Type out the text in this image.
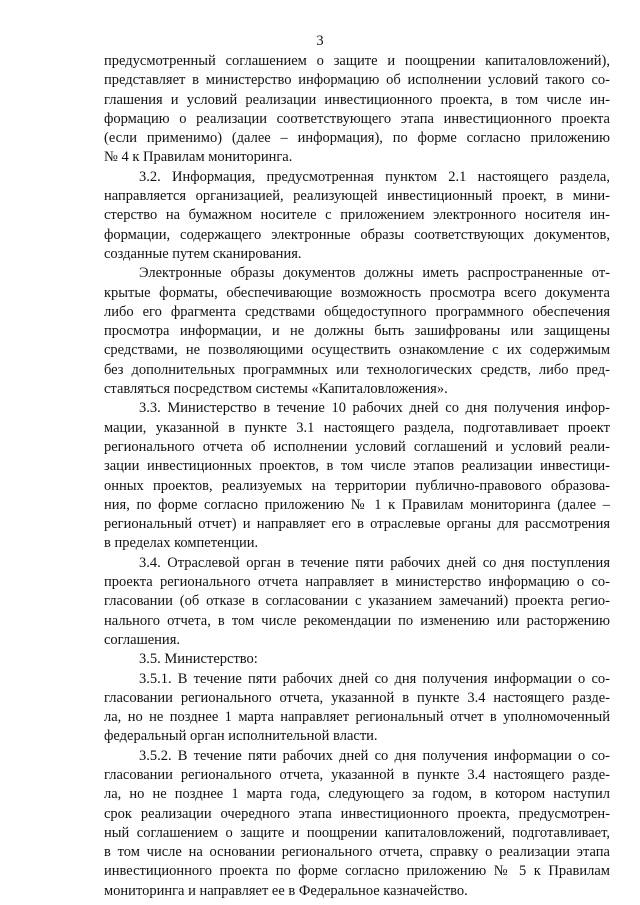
3
предусмотренный соглашением о защите и поощрении капиталовложений),
представляет в министерство информацию об исполнении условий такого со-
глашения и условий реализации инвестиционного проекта, в том числе ин-
формацию о реализации соответствующего этапа инвестиционного проекта
(если применимо) (далее – информация), по форме согласно приложению
№ 4 к Правилам мониторинга.
3.2. Информация, предусмотренная пунктом 2.1 настоящего раздела,
направляется организацией, реализующей инвестиционный проект, в мини-
стерство на бумажном носителе с приложением электронного носителя ин-
формации, содержащего электронные образы соответствующих документов,
созданные путем сканирования.
Электронные образы документов должны иметь распространенные от-
крытые форматы, обеспечивающие возможность просмотра всего документа
либо его фрагмента средствами общедоступного программного обеспечения
просмотра информации, и не должны быть зашифрованы или защищены
средствами, не позволяющими осуществить ознакомление с их содержимым
без дополнительных программных или технологических средств, либо пред-
ставляться посредством системы «Капиталовложения».
3.3. Министерство в течение 10 рабочих дней со дня получения инфор-
мации, указанной в пункте 3.1 настоящего раздела, подготавливает проект
регионального отчета об исполнении условий соглашений и условий реали-
зации инвестиционных проектов, в том числе этапов реализации инвестици-
онных проектов, реализуемых на территории публично-правового образова-
ния, по форме согласно приложению № 1 к Правилам мониторинга (далее –
региональный отчет) и направляет его в отраслевые органы для рассмотрения
в пределах компетенции.
3.4. Отраслевой орган в течение пяти рабочих дней со дня поступления
проекта регионального отчета направляет в министерство информацию о со-
гласовании (об отказе в согласовании с указанием замечаний) проекта регио-
нального отчета, в том числе рекомендации по изменению или расторжению
соглашения.
3.5. Министерство:
3.5.1. В течение пяти рабочих дней со дня получения информации о со-
гласовании регионального отчета, указанной в пункте 3.4 настоящего разде-
ла, но не позднее 1 марта направляет региональный отчет в уполномоченный
федеральный орган исполнительной власти.
3.5.2. В течение пяти рабочих дней со дня получения информации о со-
гласовании регионального отчета, указанной в пункте 3.4 настоящего разде-
ла, но не позднее 1 марта года, следующего за годом, в котором наступил
срок реализации очередного этапа инвестиционного проекта, предусмотрен-
ный соглашением о защите и поощрении капиталовложений, подготавливает,
в том числе на основании регионального отчета, справку о реализации этапа
инвестиционного проекта по форме согласно приложению № 5 к Правилам
мониторинга и направляет ее в Федеральное казначейство.
